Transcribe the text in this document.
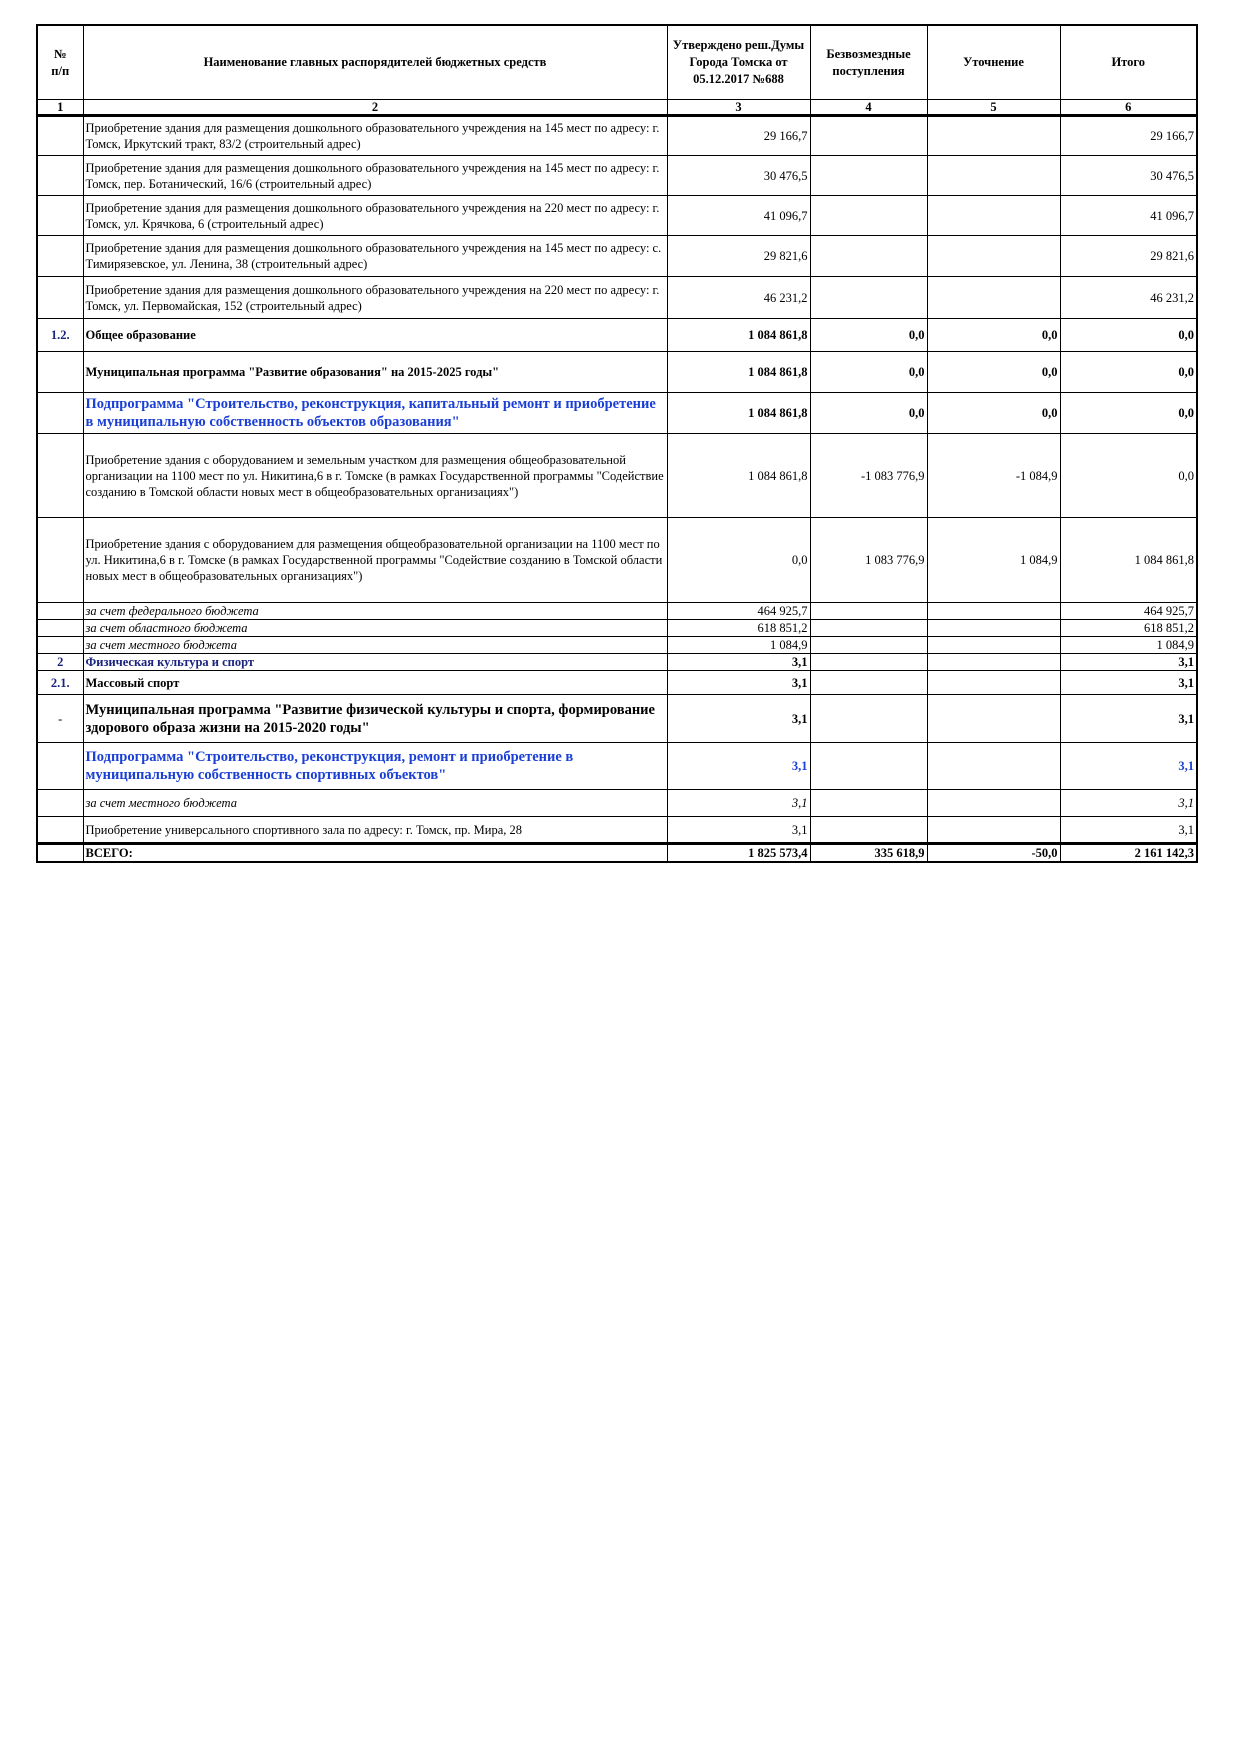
№
п/п	Наименование главных распорядителей бюджетных средств	Утверждено реш.Думы Города Томска от 05.12.2017 №688	Безвозмездные поступления	Уточнение	Итого
1	2	3	4	5	6
	Приобретение здания для размещения дошкольного образовательного учреждения на 145 мест по адресу: г. Томск, Иркутский тракт, 83/2 (строительный адрес)	29 166,7			29 166,7
	Приобретение здания для размещения дошкольного образовательного учреждения на 145 мест по адресу: г. Томск, пер. Ботанический, 16/6 (строительный адрес)	30 476,5			30 476,5
	Приобретение здания для размещения дошкольного образовательного учреждения на 220 мест по адресу: г. Томск, ул. Крячкова, 6 (строительный адрес)	41 096,7			41 096,7
	Приобретение здания для размещения дошкольного образовательного учреждения на 145 мест по адресу: с. Тимирязевское, ул. Ленина, 38 (строительный адрес)	29 821,6			29 821,6
	Приобретение здания для размещения дошкольного образовательного учреждения на 220 мест по адресу: г. Томск, ул. Первомайская, 152 (строительный адрес)	46 231,2			46 231,2
1.2.	Общее образование	1 084 861,8	0,0	0,0	0,0
	Муниципальная программа "Развитие образования" на 2015-2025 годы"	1 084 861,8	0,0	0,0	0,0
	Подпрограмма "Строительство, реконструкция, капитальный ремонт и приобретение в муниципальную собственность объектов образования"	1 084 861,8	0,0	0,0	0,0
	Приобретение здания с оборудованием и земельным участком для размещения общеобразовательной организации на 1100 мест по ул. Никитина,6 в г. Томске (в рамках Государственной программы "Содействие созданию в Томской области новых мест в общеобразовательных организациях")	1 084 861,8	-1 083 776,9	-1 084,9	0,0
	Приобретение здания с оборудованием для размещения общеобразовательной организации на 1100 мест по ул. Никитина,6 в г. Томске (в рамках Государственной программы "Содействие созданию в Томской области новых мест в общеобразовательных организациях")	0,0	1 083 776,9	1 084,9	1 084 861,8
	за счет федерального бюджета	464 925,7			464 925,7
	за счет областного бюджета	618 851,2			618 851,2
	за счет местного бюджета	1 084,9			1 084,9
2	Физическая культура и спорт	3,1			3,1
2.1.	Массовый спорт	3,1			3,1
-	Муниципальная программа "Развитие физической культуры и спорта, формирование здорового образа жизни на 2015-2020 годы"	3,1			3,1
	Подпрограмма "Строительство, реконструкция, ремонт и приобретение в муниципальную собственность спортивных объектов"	3,1			3,1
	за счет местного бюджета	3,1			3,1
	Приобретение универсального спортивного зала по адресу: г. Томск, пр. Мира, 28	3,1			3,1
	ВСЕГО:	1 825 573,4	335 618,9	-50,0	2 161 142,3
